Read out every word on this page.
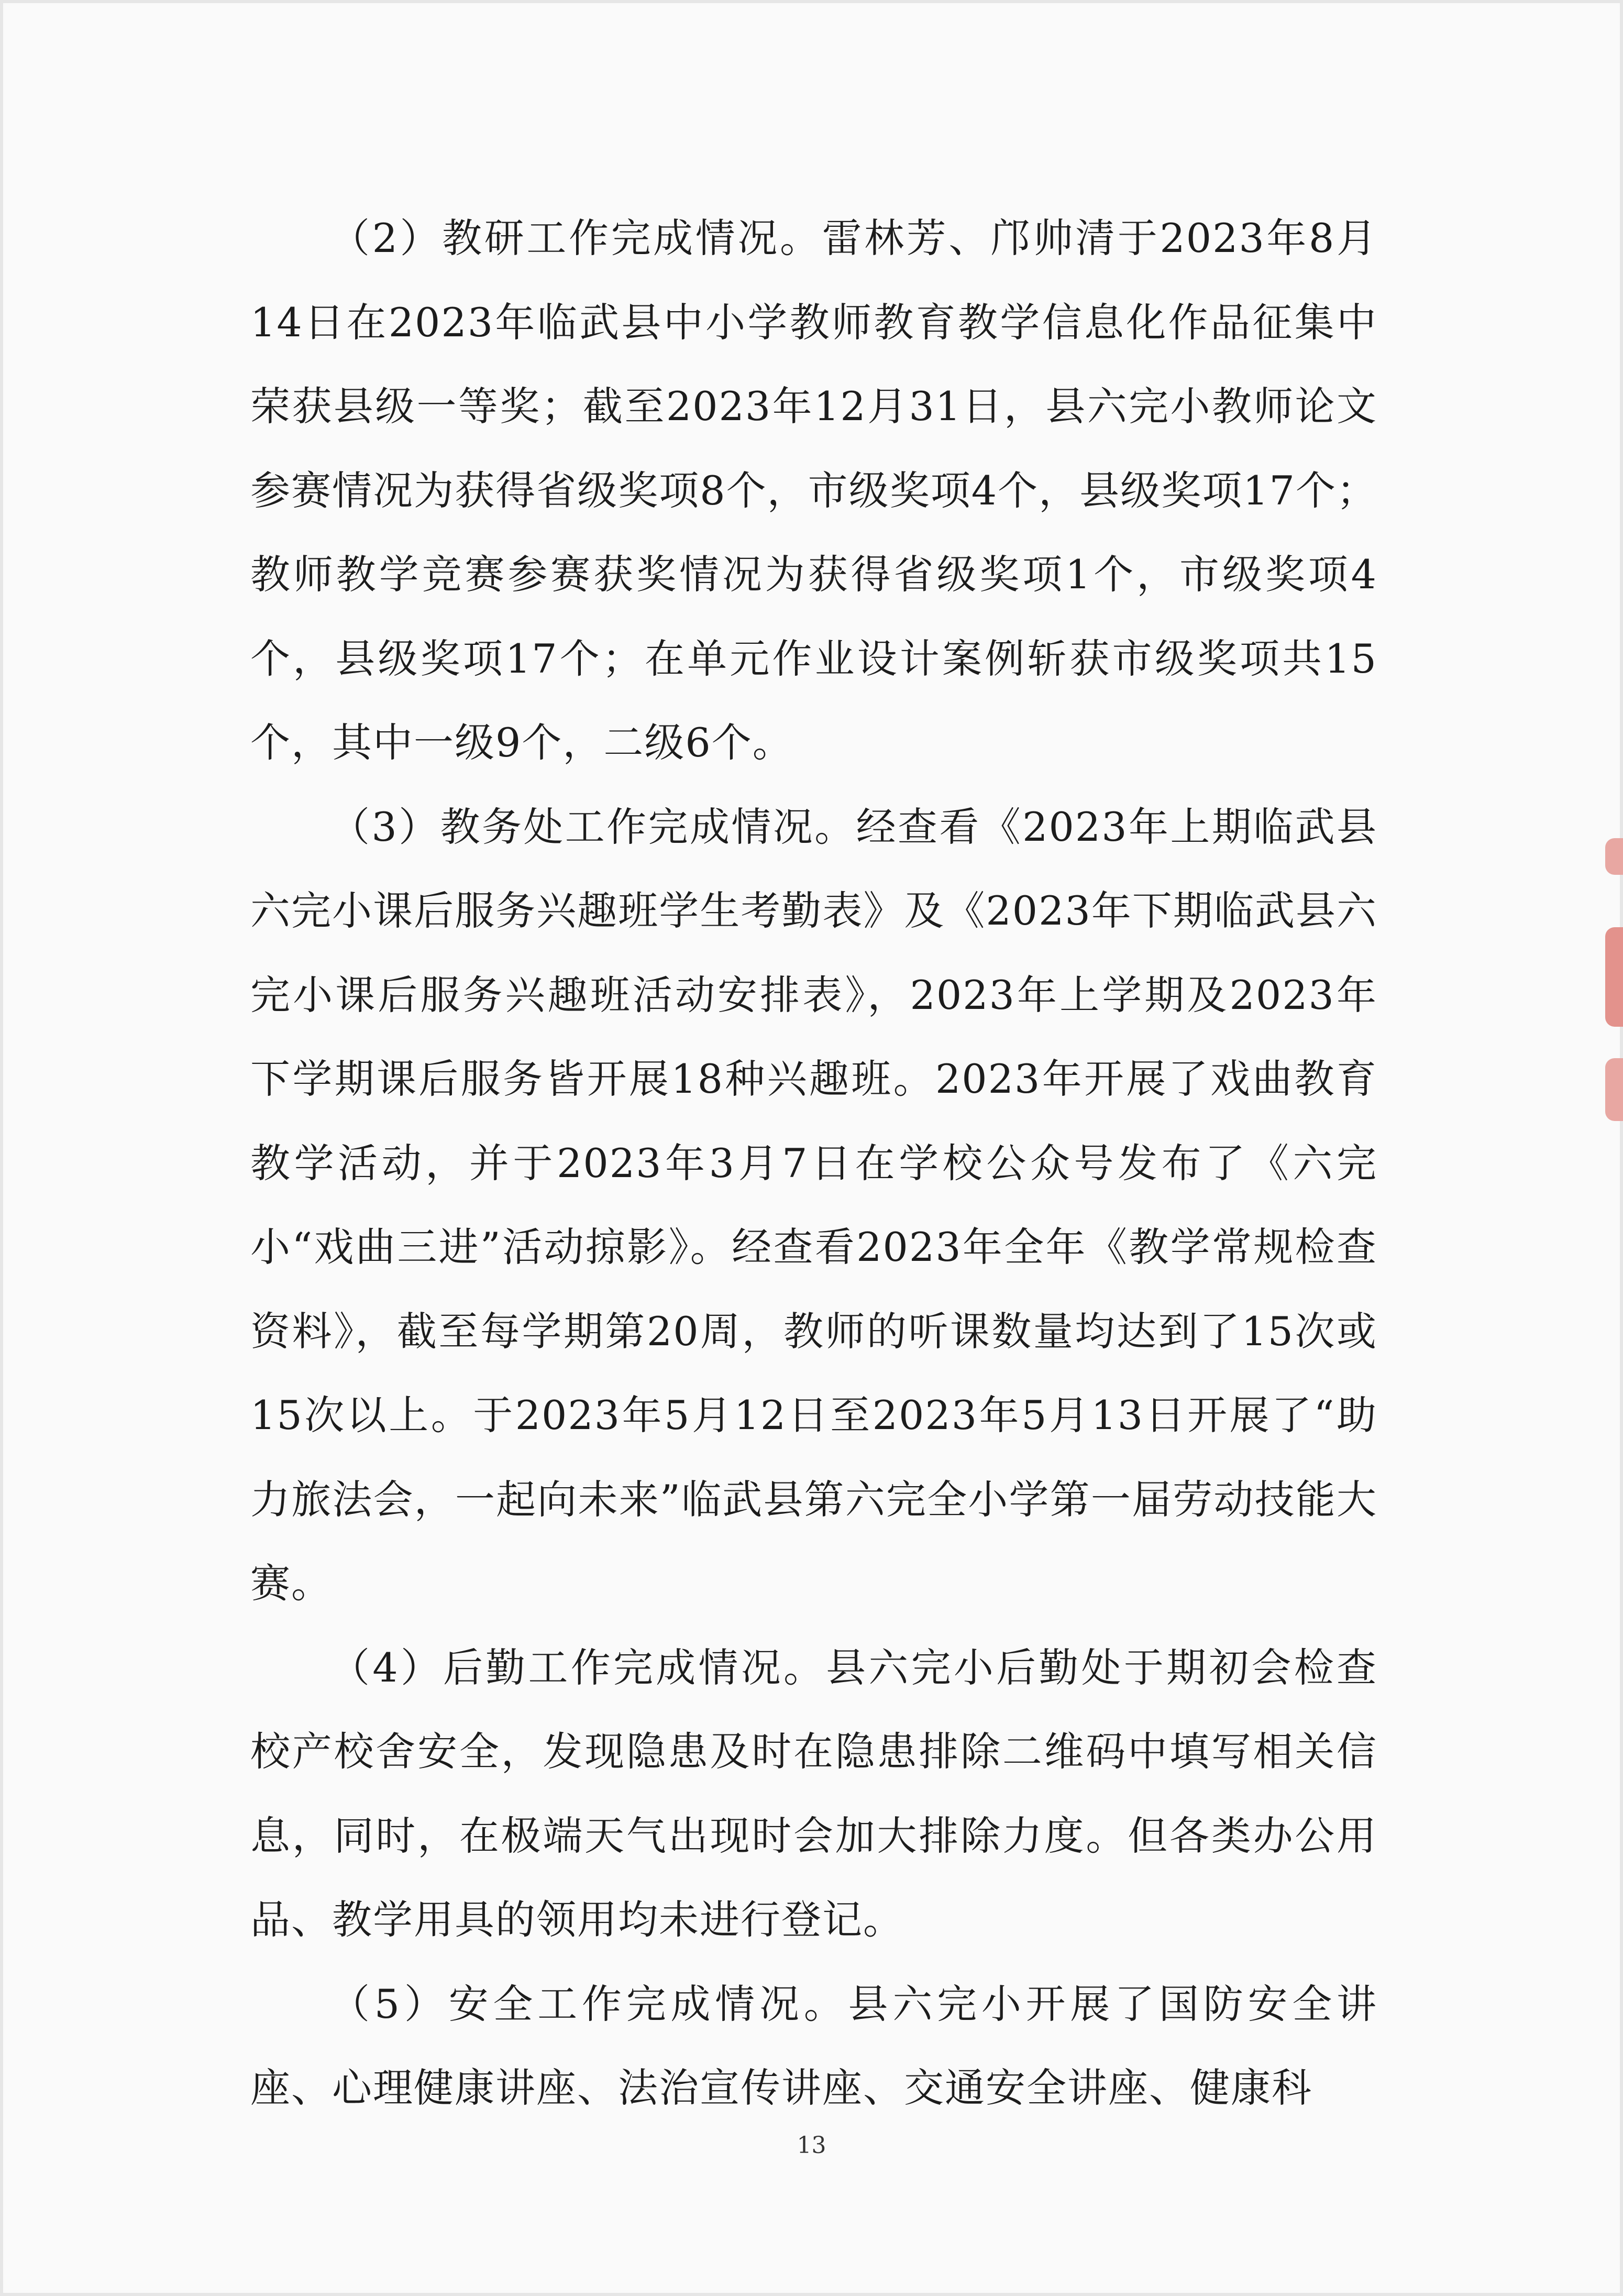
（2）教研工作完成情况。雷林芳、邝帅清于2023年8月14日在2023年临武县中小学教师教育教学信息化作品征集中荣获县级一等奖；截至2023年12月31日，县六完小教师论文参赛情况为获得省级奖项8个，市级奖项4个，县级奖项17个；教师教学竞赛参赛获奖情况为获得省级奖项1个，市级奖项4个，县级奖项17个；在单元作业设计案例斩获市级奖项共15个，其中一级9个，二级6个。

（3）教务处工作完成情况。经查看《2023年上期临武县六完小课后服务兴趣班学生考勤表》及《2023年下期临武县六完小课后服务兴趣班活动安排表》，2023年上学期及2023年下学期课后服务皆开展18种兴趣班。2023年开展了戏曲教育教学活动，并于2023年3月7日在学校公众号发布了《六完小“戏曲三进”活动掠影》。经查看2023年全年《教学常规检查资料》，截至每学期第20周，教师的听课数量均达到了15次或15次以上。于2023年5月12日至2023年5月13日开展了“助力旅法会，一起向未来”临武县第六完全小学第一届劳动技能大赛。

（4）后勤工作完成情况。县六完小后勤处于期初会检查校产校舍安全，发现隐患及时在隐患排除二维码中填写相关信息，同时，在极端天气出现时会加大排除力度。但各类办公用品、教学用具的领用均未进行登记。

（5）安全工作完成情况。县六完小开展了国防安全讲座、心理健康讲座、法治宣传讲座、交通安全讲座、健康科

13
